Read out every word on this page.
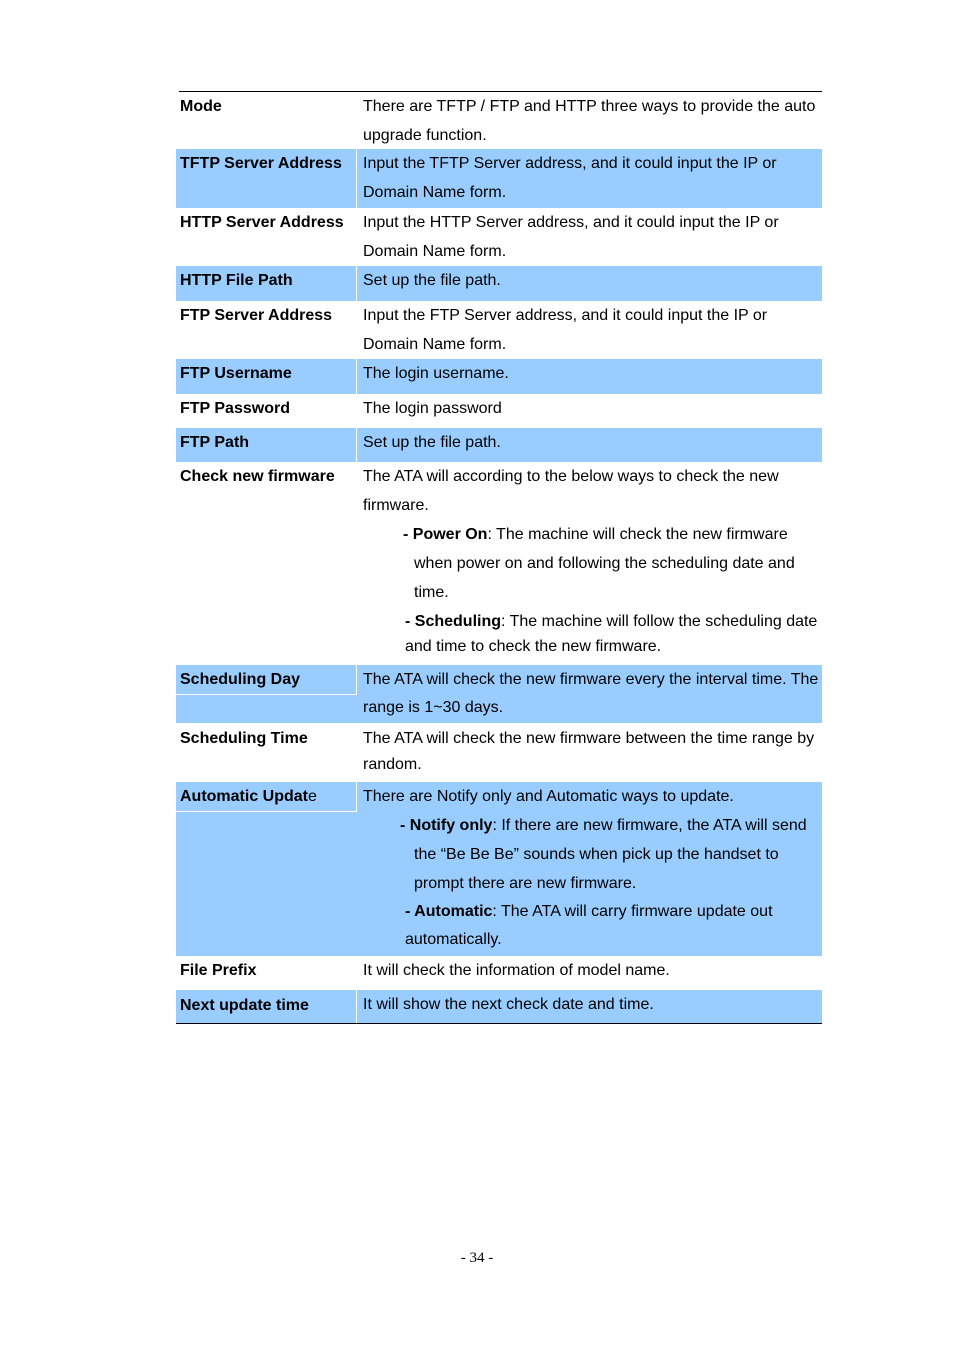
Mode	There are TFTP / FTP and HTTP three ways to provide the auto
upgrade function.
TFTP Server Address	Input the TFTP Server address, and it could input the IP or
Domain Name form.
HTTP Server Address	Input the HTTP Server address, and it could input the IP or
Domain Name form.
HTTP File Path	Set up the file path.
FTP Server Address	Input the FTP Server address, and it could input the IP or
Domain Name form.
FTP Username	The login username.
FTP Password	The login password
FTP Path	Set up the file path.
Check new firmware	The ATA will according to the below ways to check the new
firmware.
- Power On: The machine will check the new firmware
when power on and following the scheduling date and
time.
- Scheduling: The machine will follow the scheduling date
and time to check the new firmware.
Scheduling Day	The ATA will check the new firmware every the interval time. The
range is 1~30 days.
Scheduling Time	The ATA will check the new firmware between the time range by
random.
Automatic Update	There are Notify only and Automatic ways to update.
- Notify only: If there are new firmware, the ATA will send
the “Be Be Be” sounds when pick up the handset to
prompt there are new firmware.
- Automatic: The ATA will carry firmware update out
automatically.
File Prefix	It will check the information of model name.
Next update time	It will show the next check date and time.
- 34 -
